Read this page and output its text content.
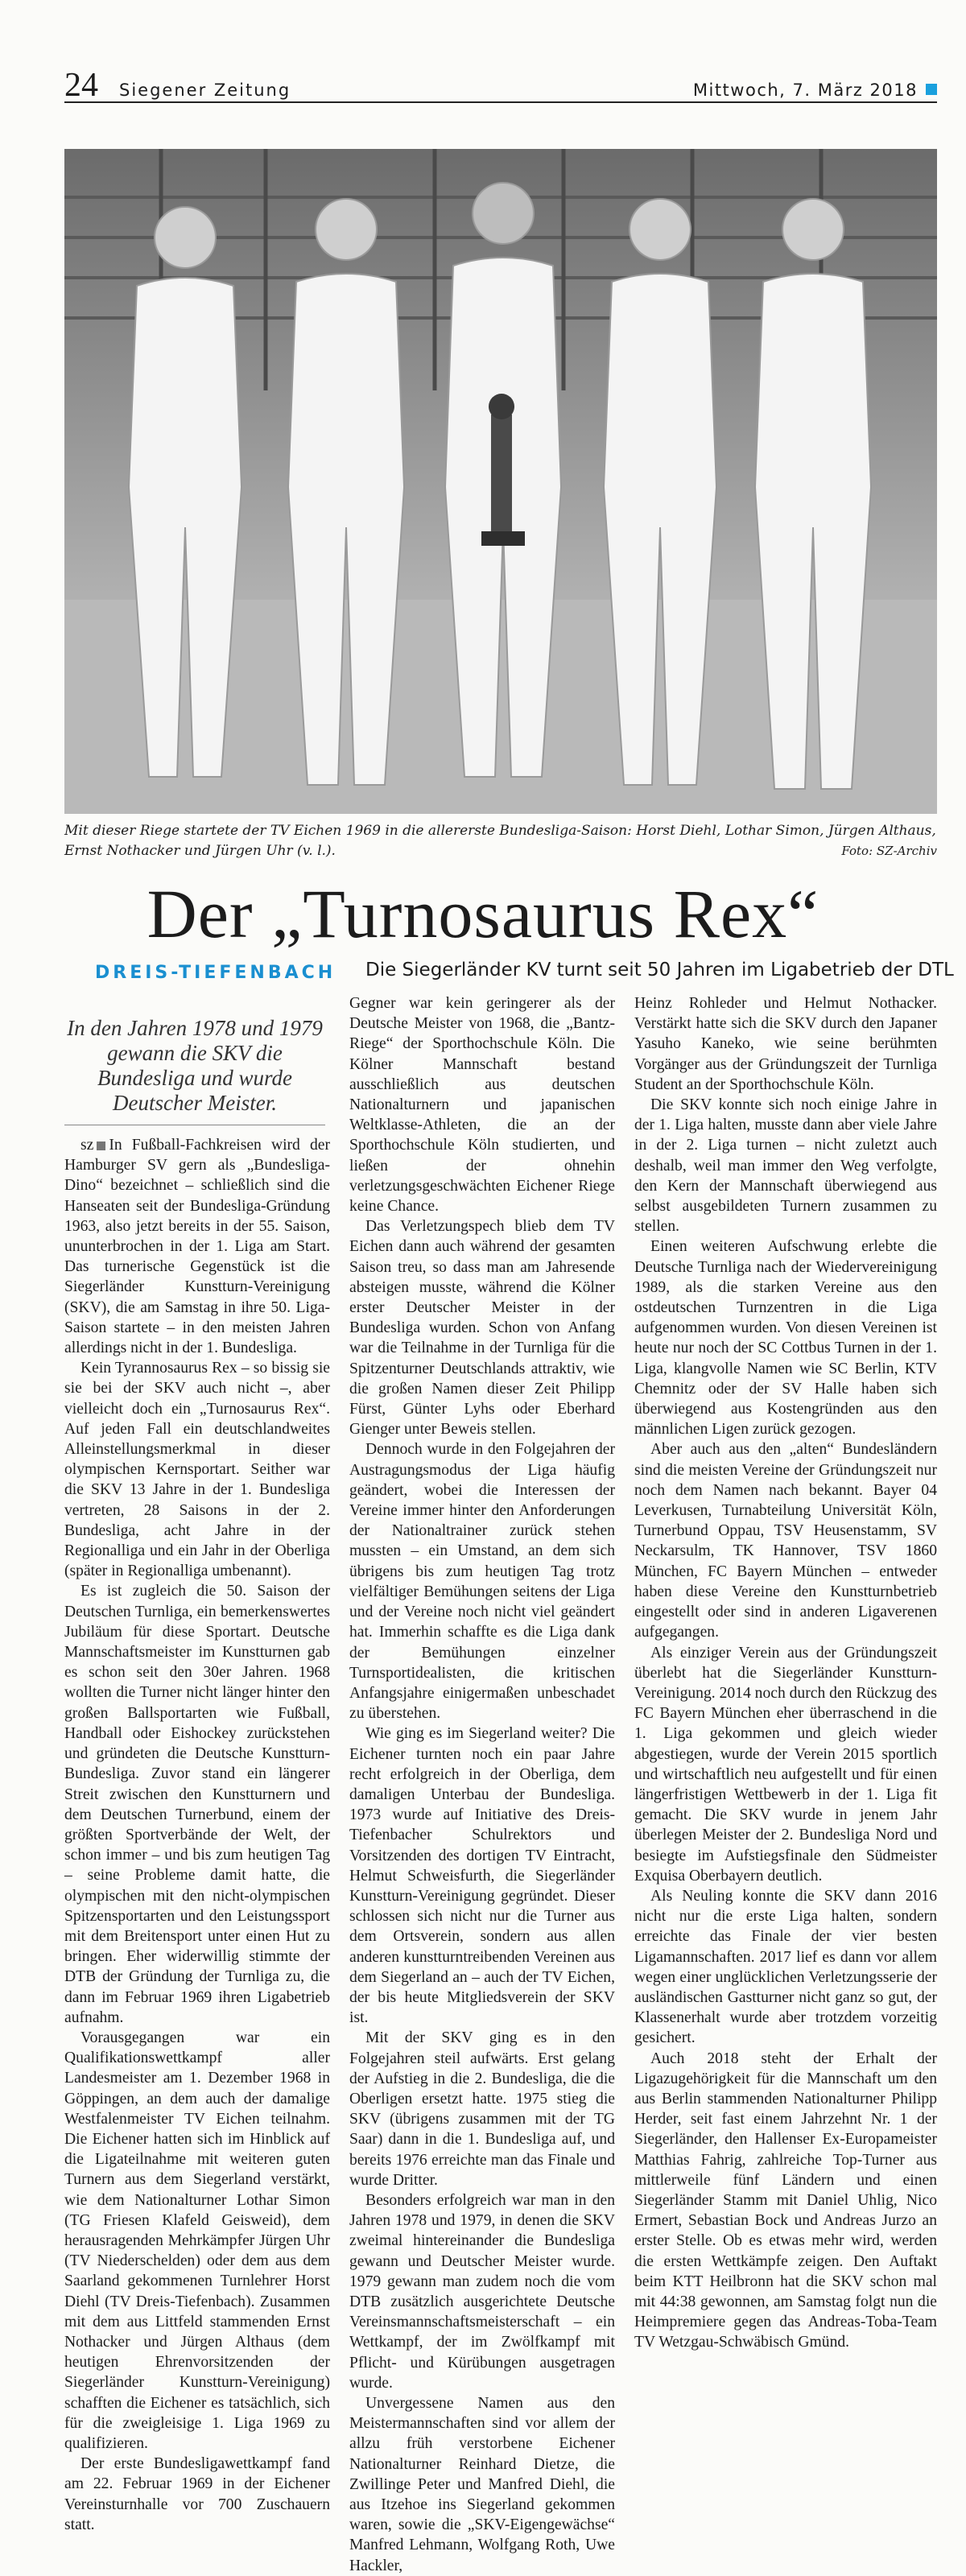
24 Siegener Zeitung	Mittwoch, 7. März 2018
Mit dieser Riege startete der TV Eichen 1969 in die allererste Bundesliga-Saison: Horst Diehl, Lothar Simon, Jürgen Althaus, Ernst Nothacker und Jürgen Uhr (v. l.).	Foto: SZ-Archiv
Der „Turnosaurus Rex“
DREIS-TIEFENBACH Die Siegerländer KV turnt seit 50 Jahren im Ligabetrieb der DTL
In den Jahren 1978 und 1979 gewann die SKV die Bundesliga und wurde Deutscher Meister.

sz In Fußball-Fachkreisen wird der Hamburger SV gern als „Bundesliga-Dino“ bezeichnet – schließlich sind die Hanseaten seit der Bundesliga-Gründung 1963, also jetzt bereits in der 55. Saison, ununterbrochen in der 1. Liga am Start. Das turnerische Gegenstück ist die Siegerländer Kunstturn-Vereinigung (SKV), die am Samstag in ihre 50. Liga-Saison startete – in den meisten Jahren allerdings nicht in der 1. Bundesliga.

Kein Tyrannosaurus Rex – so bissig sie sie bei der SKV auch nicht –, aber vielleicht doch ein „Turnosaurus Rex“. Auf jeden Fall ein deutschlandweites Alleinstellungsmerkmal in dieser olympischen Kernsportart. Seither war die SKV 13 Jahre in der 1. Bundesliga vertreten, 28 Saisons in der 2. Bundesliga, acht Jahre in der Regionalliga und ein Jahr in der Oberliga (später in Regionalliga umbenannt).

Es ist zugleich die 50. Saison der Deutschen Turnliga, ein bemerkenswertes Jubiläum für diese Sportart. Deutsche Mannschaftsmeister im Kunstturnen gab es schon seit den 30er Jahren. 1968 wollten die Turner nicht länger hinter den großen Ballsportarten wie Fußball, Handball oder Eishockey zurückstehen und gründeten die Deutsche Kunstturn-Bundesliga. Zuvor stand ein längerer Streit zwischen den Kunstturnern und dem Deutschen Turnerbund, einem der größten Sportverbände der Welt, der schon immer – und bis zum heutigen Tag – seine Probleme damit hatte, die olympischen mit den nicht-olympischen Spitzensportarten und den Leistungssport mit dem Breitensport unter einen Hut zu bringen. Eher widerwillig stimmte der DTB der Gründung der Turnliga zu, die dann im Februar 1969 ihren Ligabetrieb aufnahm.

Vorausgegangen war ein Qualifikationswettkampf aller Landesmeister am 1. Dezember 1968 in Göppingen, an dem auch der damalige Westfalenmeister TV Eichen teilnahm. Die Eichener hatten sich im Hinblick auf die Ligateilnahme mit weiteren guten Turnern aus dem Siegerland verstärkt, wie dem Nationalturner Lothar Simon (TG Friesen Klafeld Geisweid), dem herausragenden Mehrkämpfer Jürgen Uhr (TV Niederschelden) oder dem aus dem Saarland gekommenen Turnlehrer Horst Diehl (TV Dreis-Tiefenbach). Zusammen mit dem aus Littfeld stammenden Ernst Nothacker und Jürgen Althaus (dem heutigen Ehrenvorsitzenden der Siegerländer Kunstturn-Vereinigung) schafften die Eichener es tatsächlich, sich für die zweigleisige 1. Liga 1969 zu qualifizieren.

Der erste Bundesligawettkampf fand am 22. Februar 1969 in der Eichener Vereinsturnhalle vor 700 Zuschauern statt.

Gegner war kein geringerer als der Deutsche Meister von 1968, die „Bantz-Riege“ der Sporthochschule Köln. Die Kölner Mannschaft bestand ausschließlich aus deutschen Nationalturnern und japanischen Weltklasse-Athleten, die an der Sporthochschule Köln studierten, und ließen der ohnehin verletzungsgeschwächten Eichener Riege keine Chance.

Das Verletzungspech blieb dem TV Eichen dann auch während der gesamten Saison treu, so dass man am Jahresende absteigen musste, während die Kölner erster Deutscher Meister in der Bundesliga wurden. Schon von Anfang war die Teilnahme in der Turnliga für die Spitzenturner Deutschlands attraktiv, wie die großen Namen dieser Zeit Philipp Fürst, Günter Lyhs oder Eberhard Gienger unter Beweis stellen.

Dennoch wurde in den Folgejahren der Austragungsmodus der Liga häufig geändert, wobei die Interessen der Vereine immer hinter den Anforderungen der Nationaltrainer zurück stehen mussten – ein Umstand, an dem sich übrigens bis zum heutigen Tag trotz vielfältiger Bemühungen seitens der Liga und der Vereine noch nicht viel geändert hat. Immerhin schaffte es die Liga dank der Bemühungen einzelner Turnsportidealisten, die kritischen Anfangsjahre einigermaßen unbeschadet zu überstehen.

Wie ging es im Siegerland weiter? Die Eichener turnten noch ein paar Jahre recht erfolgreich in der Oberliga, dem damaligen Unterbau der Bundesliga. 1973 wurde auf Initiative des Dreis-Tiefenbacher Schulrektors und Vorsitzenden des dortigen TV Eintracht, Helmut Schweisfurth, die Siegerländer Kunstturn-Vereinigung gegründet. Dieser schlossen sich nicht nur die Turner aus dem Ortsverein, sondern aus allen anderen kunstturntreibenden Vereinen aus dem Siegerland an – auch der TV Eichen, der bis heute Mitgliedsverein der SKV ist.

Mit der SKV ging es in den Folgejahren steil aufwärts. Erst gelang der Aufstieg in die 2. Bundesliga, die die Oberligen ersetzt hatte. 1975 stieg die SKV (übrigens zusammen mit der TG Saar) dann in die 1. Bundesliga auf, und bereits 1976 erreichte man das Finale und wurde Dritter.

Besonders erfolgreich war man in den Jahren 1978 und 1979, in denen die SKV zweimal hintereinander die Bundesliga gewann und Deutscher Meister wurde. 1979 gewann man zudem noch die vom DTB zusätzlich ausgerichtete Deutsche Vereinsmannschaftsmeisterschaft – ein Wettkampf, der im Zwölfkampf mit Pflicht- und Kürübungen ausgetragen wurde.

Unvergessene Namen aus den Meistermannschaften sind vor allem der allzu früh verstorbene Eichener Nationalturner Reinhard Dietze, die Zwillinge Peter und Manfred Diehl, die aus Itzehoe ins Siegerland gekommen waren, sowie die „SKV-Eigengewächse“ Manfred Lehmann, Wolfgang Roth, Uwe Hackler,

Heinz Rohleder und Helmut Nothacker. Verstärkt hatte sich die SKV durch den Japaner Yasuho Kaneko, wie seine berühmten Vorgänger aus der Gründungszeit der Turnliga Student an der Sporthochschule Köln.

Die SKV konnte sich noch einige Jahre in der 1. Liga halten, musste dann aber viele Jahre in der 2. Liga turnen – nicht zuletzt auch deshalb, weil man immer den Weg verfolgte, den Kern der Mannschaft überwiegend aus selbst ausgebildeten Turnern zusammen zu stellen.

Einen weiteren Aufschwung erlebte die Deutsche Turnliga nach der Wiedervereinigung 1989, als die starken Vereine aus den ostdeutschen Turnzentren in die Liga aufgenommen wurden. Von diesen Vereinen ist heute nur noch der SC Cottbus Turnen in der 1. Liga, klangvolle Namen wie SC Berlin, KTV Chemnitz oder der SV Halle haben sich überwiegend aus Kostengründen aus den männlichen Ligen zurück gezogen.

Aber auch aus den „alten“ Bundesländern sind die meisten Vereine der Gründungszeit nur noch dem Namen nach bekannt. Bayer 04 Leverkusen, Turnabteilung Universität Köln, Turnerbund Oppau, TSV Heusenstamm, SV Neckarsulm, TK Hannover, TSV 1860 München, FC Bayern München – entweder haben diese Vereine den Kunstturnbetrieb eingestellt oder sind in anderen Ligaverenen aufgegangen.

Als einziger Verein aus der Gründungszeit überlebt hat die Siegerländer Kunstturn-Vereinigung. 2014 noch durch den Rückzug des FC Bayern München eher überraschend in die 1. Liga gekommen und gleich wieder abgestiegen, wurde der Verein 2015 sportlich und wirtschaftlich neu aufgestellt und für einen längerfristigen Wettbewerb in der 1. Liga fit gemacht. Die SKV wurde in jenem Jahr überlegen Meister der 2. Bundesliga Nord und besiegte im Aufstiegsfinale den Südmeister Exquisa Oberbayern deutlich.

Als Neuling konnte die SKV dann 2016 nicht nur die erste Liga halten, sondern erreichte das Finale der vier besten Ligamannschaften. 2017 lief es dann vor allem wegen einer unglücklichen Verletzungsserie der ausländischen Gastturner nicht ganz so gut, der Klassenerhalt wurde aber trotzdem vorzeitig gesichert.

Auch 2018 steht der Erhalt der Ligazugehörigkeit für die Mannschaft um den aus Berlin stammenden Nationalturner Philipp Herder, seit fast einem Jahrzehnt Nr. 1 der Siegerländer, den Hallenser Ex-Europameister Matthias Fahrig, zahlreiche Top-Turner aus mittlerweile fünf Ländern und einen Siegerländer Stamm mit Daniel Uhlig, Nico Ermert, Sebastian Bock und Andreas Jurzo an erster Stelle. Ob es etwas mehr wird, werden die ersten Wettkämpfe zeigen. Den Auftakt beim KTT Heilbronn hat die SKV schon mal mit 44:38 gewonnen, am Samstag folgt nun die Heimpremiere gegen das Andreas-Toba-Team TV Wetzgau-Schwäbisch Gmünd.
